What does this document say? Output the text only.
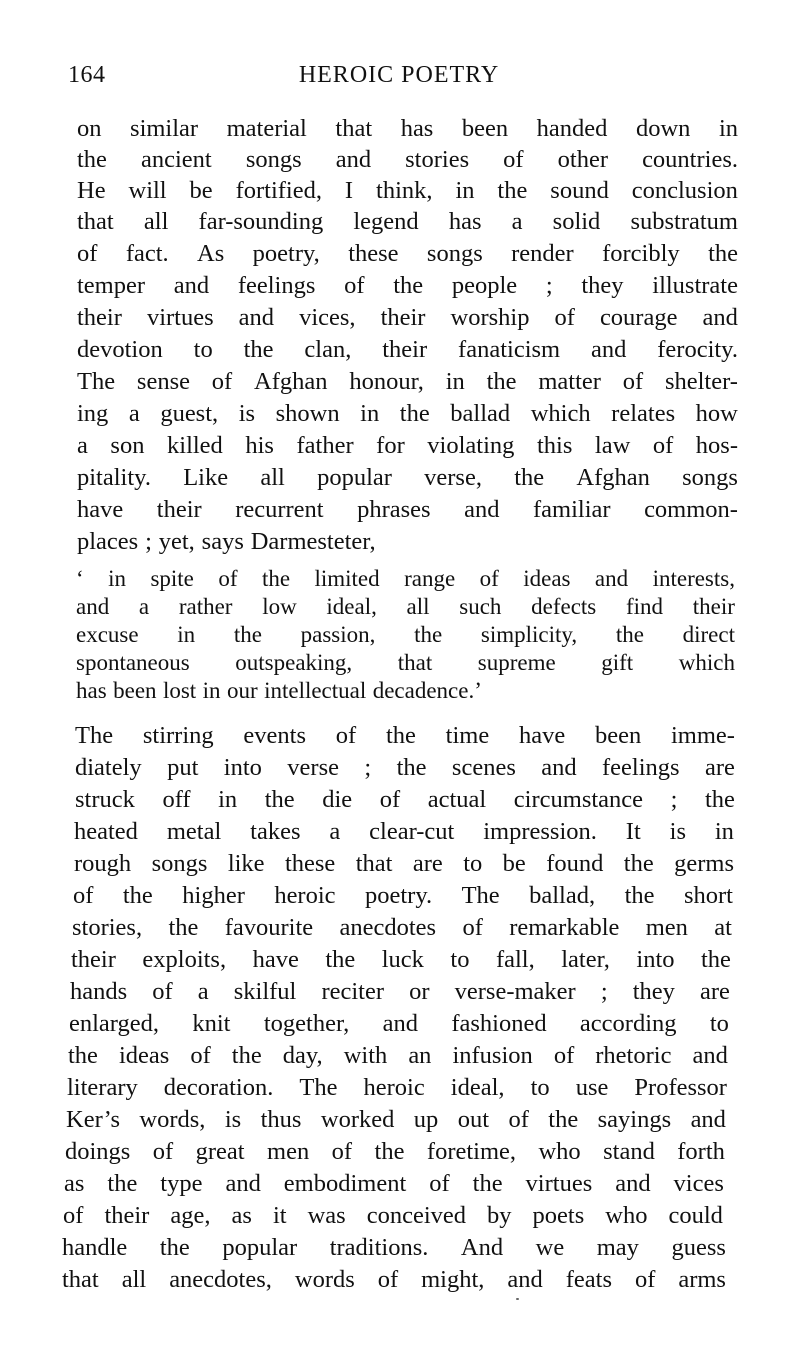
164	HEROIC POETRY
on similar material that has been handed down in
the ancient songs and stories of other countries.
He will be fortified, I think, in the sound conclusion
that all far-sounding legend has a solid substratum
of fact. As poetry, these songs render forcibly the
temper and feelings of the people ; they illustrate
their virtues and vices, their worship of courage and
devotion to the clan, their fanaticism and ferocity.
The sense of Afghan honour, in the matter of shelter-
ing a guest, is shown in the ballad which relates how
a son killed his father for violating this law of hos-
pitality. Like all popular verse, the Afghan songs
have their recurrent phrases and familiar common-
places ; yet, says Darmesteter,
‘ in spite of the limited range of ideas and interests,
and a rather low ideal, all such defects find their
excuse in the passion, the simplicity, the direct
spontaneous outspeaking, that supreme gift which
has been lost in our intellectual decadence.’
The stirring events of the time have been imme-
diately put into verse ; the scenes and feelings are
struck off in the die of actual circumstance ; the
heated metal takes a clear-cut impression. It is in
rough songs like these that are to be found the germs
of the higher heroic poetry. The ballad, the short
stories, the favourite anecdotes of remarkable men at
their exploits, have the luck to fall, later, into the
hands of a skilful reciter or verse-maker ; they are
enlarged, knit together, and fashioned according to
the ideas of the day, with an infusion of rhetoric and
literary decoration. The heroic ideal, to use Professor
Ker’s words, is thus worked up out of the sayings and
doings of great men of the foretime, who stand forth
as the type and embodiment of the virtues and vices
of their age, as it was conceived by poets who could
handle the popular traditions. And we may guess
that all anecdotes, words of might, and feats of arms
